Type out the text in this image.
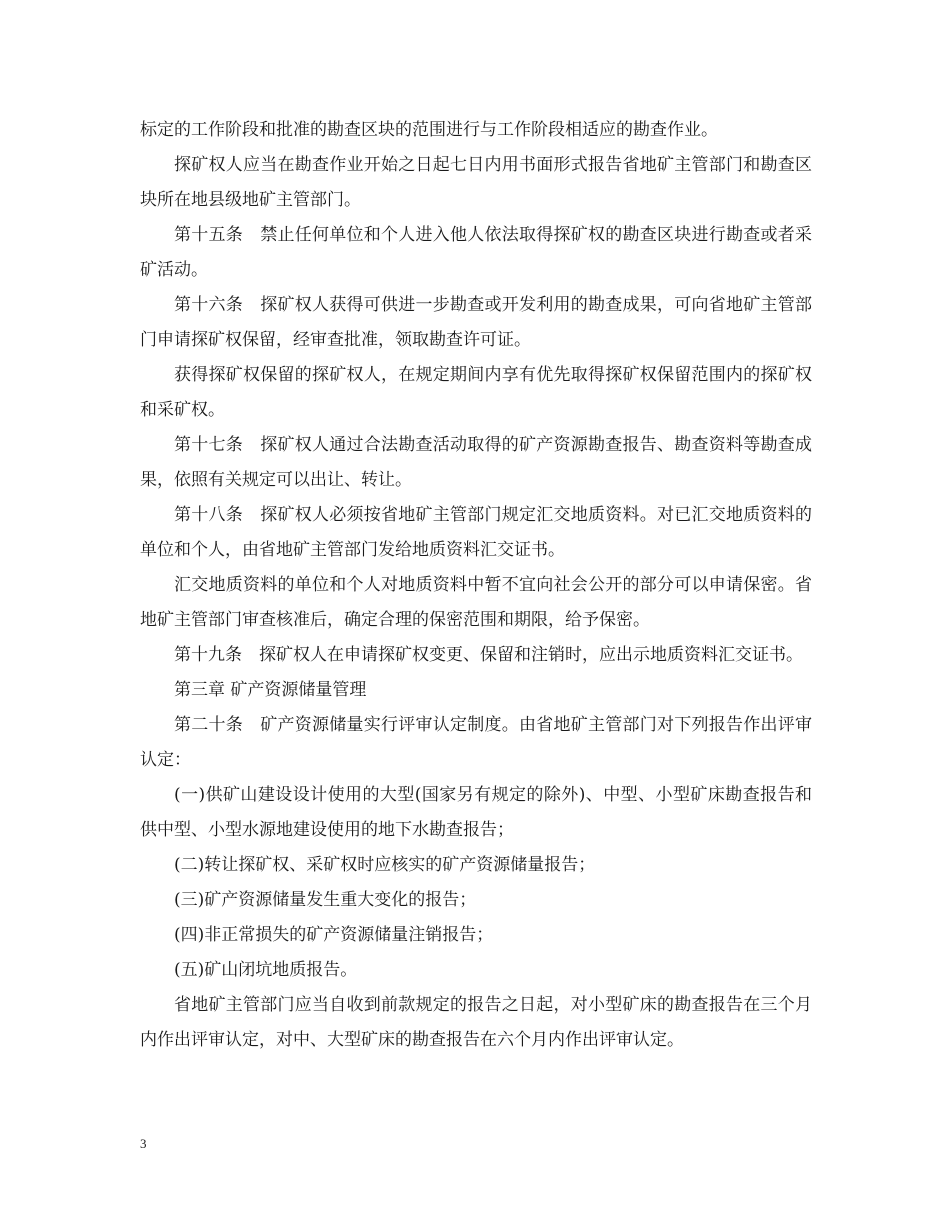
标定的工作阶段和批准的勘查区块的范围进行与工作阶段相适应的勘查作业。

探矿权人应当在勘查作业开始之日起七日内用书面形式报告省地矿主管部门和勘查区块所在地县级地矿主管部门。

第十五条　禁止任何单位和个人进入他人依法取得探矿权的勘查区块进行勘查或者采矿活动。

第十六条　探矿权人获得可供进一步勘查或开发利用的勘查成果，可向省地矿主管部门申请探矿权保留，经审查批准，领取勘查许可证。

获得探矿权保留的探矿权人，在规定期间内享有优先取得探矿权保留范围内的探矿权和采矿权。

第十七条　探矿权人通过合法勘查活动取得的矿产资源勘查报告、勘查资料等勘查成果，依照有关规定可以出让、转让。

第十八条　探矿权人必须按省地矿主管部门规定汇交地质资料。对已汇交地质资料的单位和个人，由省地矿主管部门发给地质资料汇交证书。

汇交地质资料的单位和个人对地质资料中暂不宜向社会公开的部分可以申请保密。省地矿主管部门审查核准后，确定合理的保密范围和期限，给予保密。

第十九条　探矿权人在申请探矿权变更、保留和注销时，应出示地质资料汇交证书。

第三章 矿产资源储量管理

第二十条　矿产资源储量实行评审认定制度。由省地矿主管部门对下列报告作出评审认定：

(一)供矿山建设设计使用的大型(国家另有规定的除外)、中型、小型矿床勘查报告和供中型、小型水源地建设使用的地下水勘查报告；

(二)转让探矿权、采矿权时应核实的矿产资源储量报告；

(三)矿产资源储量发生重大变化的报告；

(四)非正常损失的矿产资源储量注销报告；

(五)矿山闭坑地质报告。

省地矿主管部门应当自收到前款规定的报告之日起，对小型矿床的勘查报告在三个月内作出评审认定，对中、大型矿床的勘查报告在六个月内作出评审认定。

3
